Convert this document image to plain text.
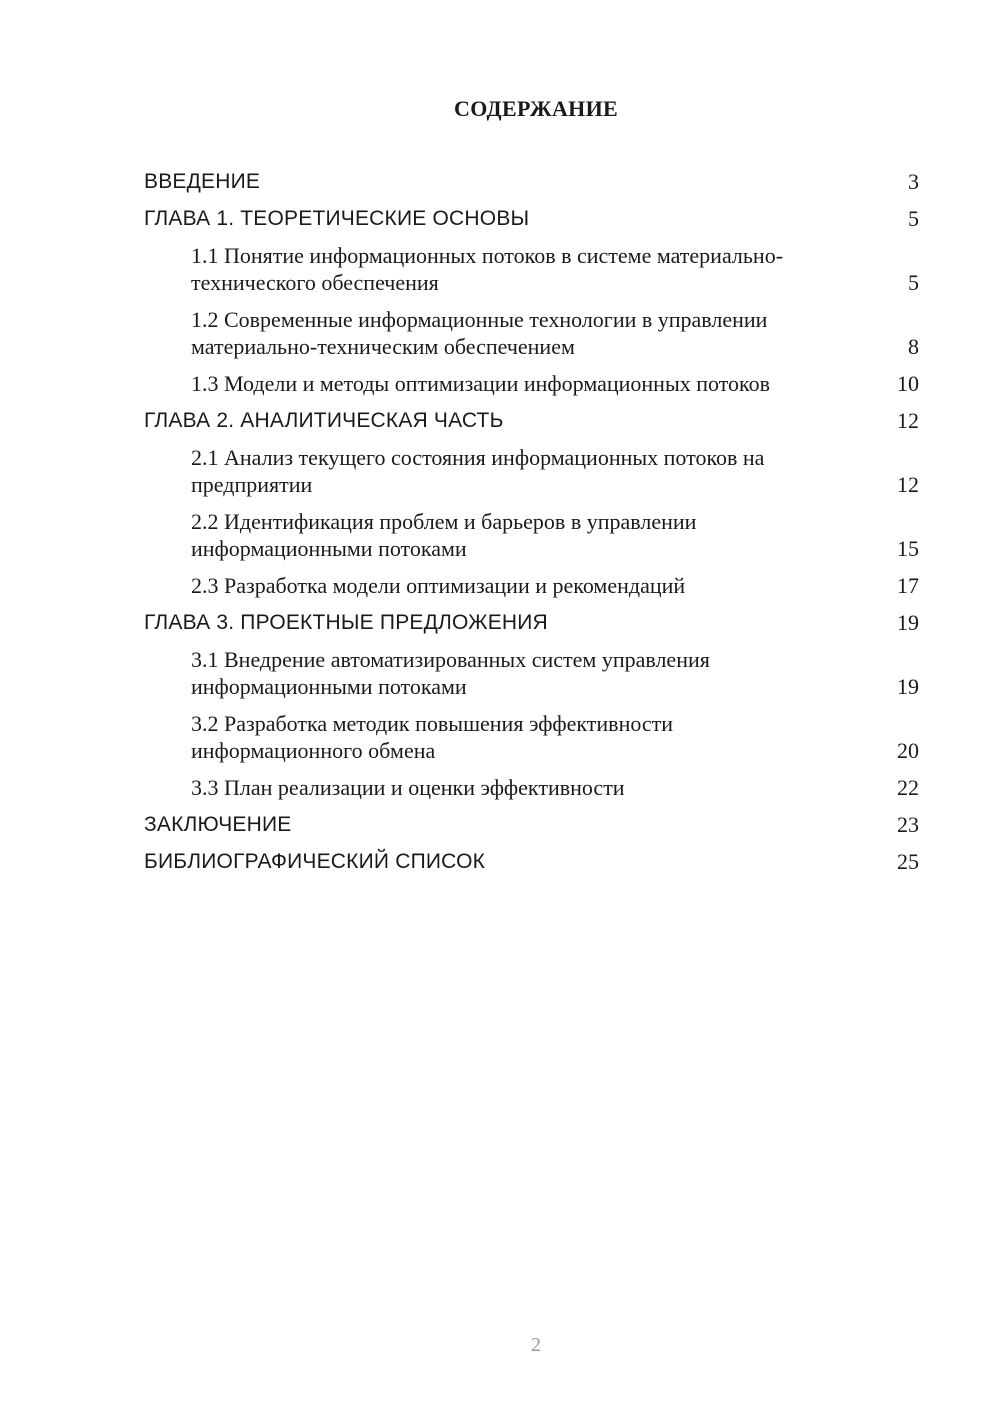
СОДЕРЖАНИЕ
ВВЕДЕНИЕ	3
ГЛАВА 1. ТЕОРЕТИЧЕСКИЕ ОСНОВЫ	5
1.1 Понятие информационных потоков в системе материально-технического обеспечения	5
1.2 Современные информационные технологии в управлении материально-техническим обеспечением	8
1.3 Модели и методы оптимизации информационных потоков	10
ГЛАВА 2. АНАЛИТИЧЕСКАЯ ЧАСТЬ	12
2.1 Анализ текущего состояния информационных потоков на предприятии	12
2.2 Идентификация проблем и барьеров в управлении информационными потоками	15
2.3 Разработка модели оптимизации и рекомендаций	17
ГЛАВА 3. ПРОЕКТНЫЕ ПРЕДЛОЖЕНИЯ	19
3.1 Внедрение автоматизированных систем управления информационными потоками	19
3.2 Разработка методик повышения эффективности информационного обмена	20
3.3 План реализации и оценки эффективности	22
ЗАКЛЮЧЕНИЕ	23
БИБЛИОГРАФИЧЕСКИЙ СПИСОК	25
2
